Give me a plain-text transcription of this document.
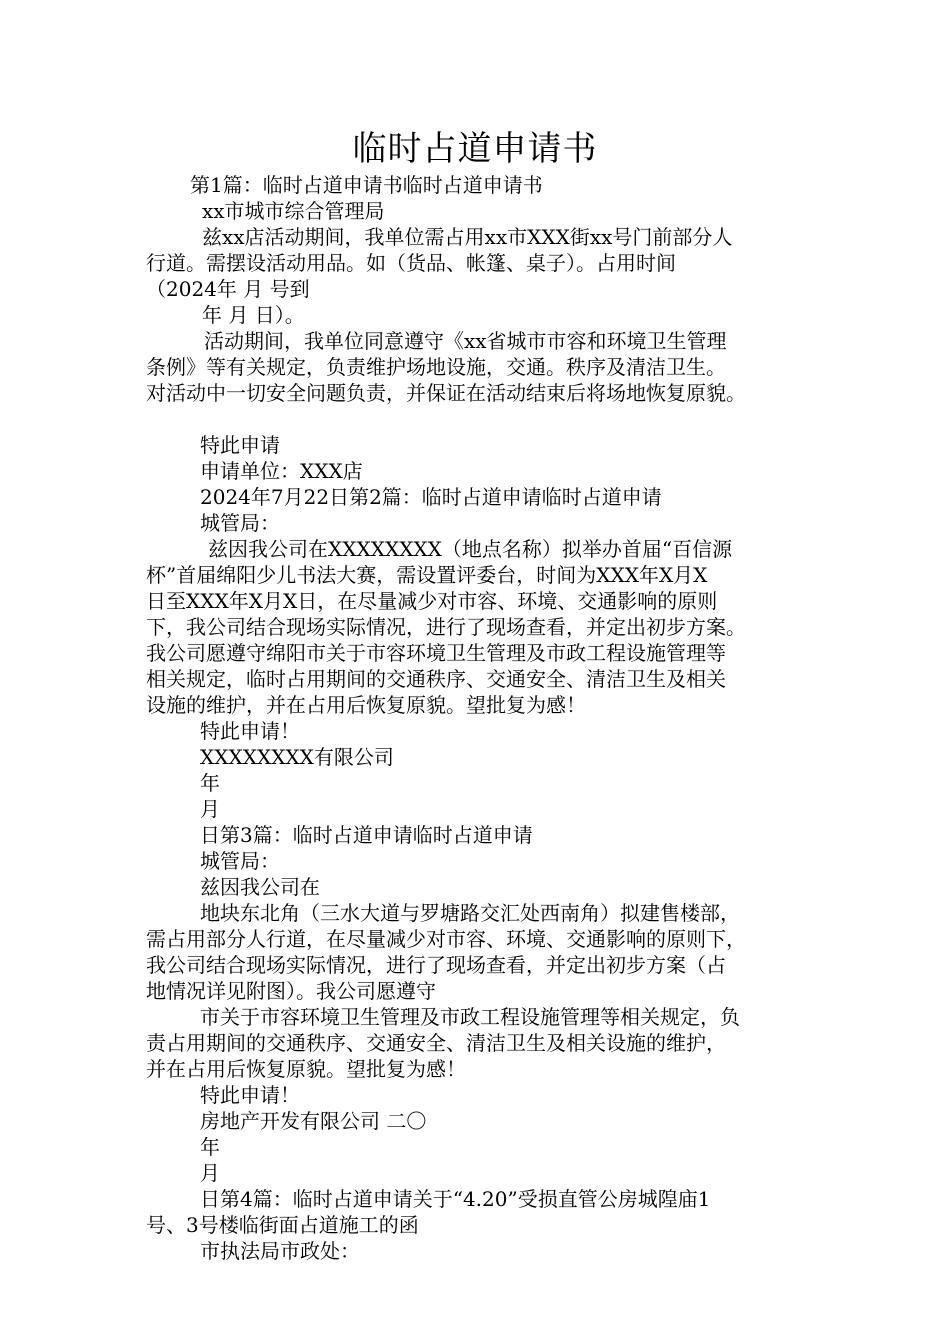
临时占道申请书
第1篇：临时占道申请书临时占道申请书
xx市城市综合管理局
兹xx店活动期间，我单位需占用xx市XXX街xx号门前部分人
行道。需摆设活动用品。如（货品、帐篷、桌子）。占用时间
（2024年 月 号到
年 月 日）。
活动期间，我单位同意遵守《xx省城市市容和环境卫生管理
条例》等有关规定，负责维护场地设施，交通。秩序及清洁卫生。
对活动中一切安全问题负责，并保证在活动结束后将场地恢复原貌。
特此申请
申请单位：XXX店
2024年7月22日第2篇：临时占道申请临时占道申请
城管局：
兹因我公司在XXXXXXXX（地点名称）拟举办首届“百信源
杯”首届绵阳少儿书法大赛，需设置评委台，时间为XXX年X月X
日至XXX年X月X日，在尽量减少对市容、环境、交通影响的原则
下，我公司结合现场实际情况，进行了现场查看，并定出初步方案。
我公司愿遵守绵阳市关于市容环境卫生管理及市政工程设施管理等
相关规定，临时占用期间的交通秩序、交通安全、清洁卫生及相关
设施的维护，并在占用后恢复原貌。望批复为感！
特此申请！
XXXXXXXX有限公司
年
月
日第3篇：临时占道申请临时占道申请
城管局：
兹因我公司在
地块东北角（三水大道与罗塘路交汇处西南角）拟建售楼部，
需占用部分人行道，在尽量减少对市容、环境、交通影响的原则下，
我公司结合现场实际情况，进行了现场查看，并定出初步方案（占
地情况详见附图）。我公司愿遵守
市关于市容环境卫生管理及市政工程设施管理等相关规定，负
责占用期间的交通秩序、交通安全、清洁卫生及相关设施的维护，
并在占用后恢复原貌。望批复为感！
特此申请！
房地产开发有限公司 二〇
年
月
日第4篇：临时占道申请关于“4.20”受损直管公房城隍庙1
号、3号楼临街面占道施工的函
市执法局市政处：
